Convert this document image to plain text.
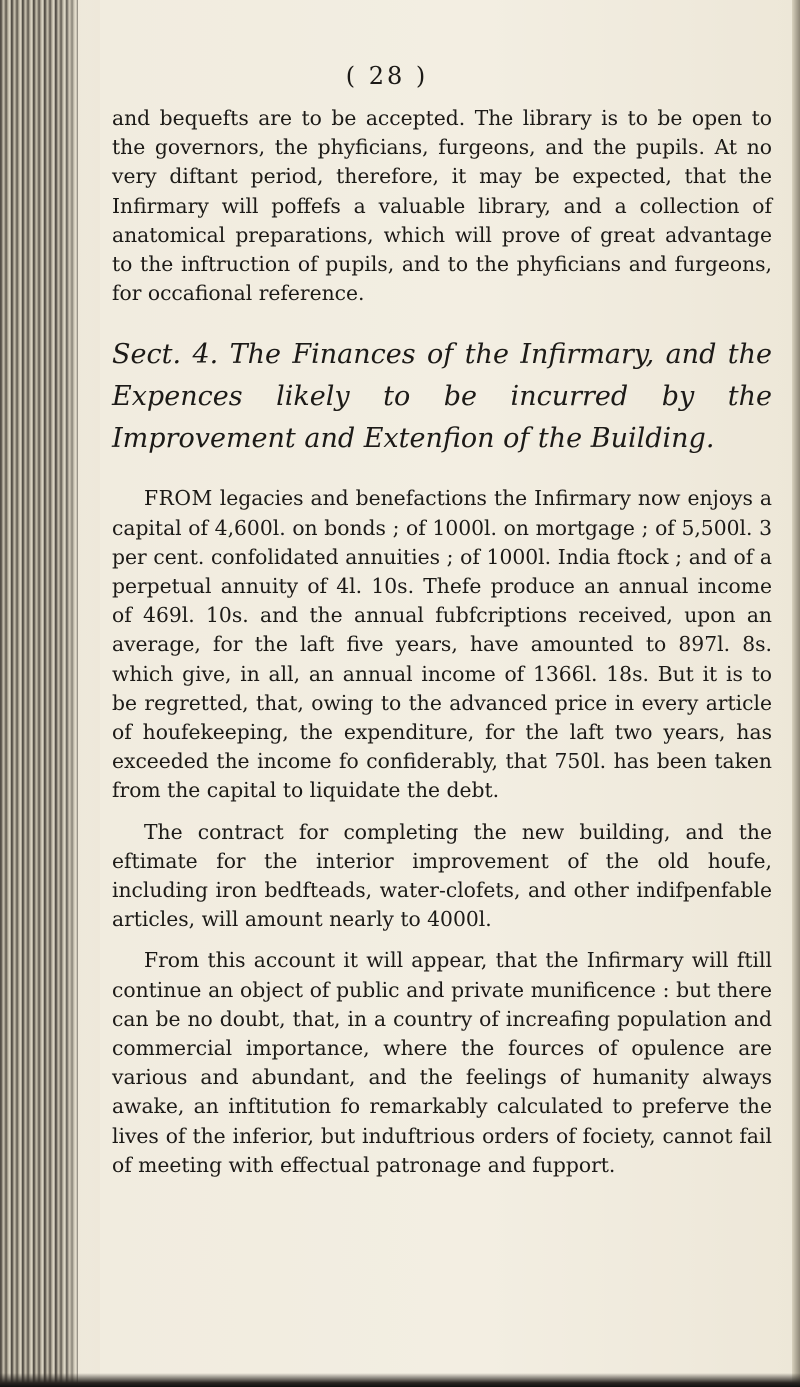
( 28 )

and bequefts are to be accepted. The library is to be open to the governors, the phyficians, furgeons, and the pupils. At no very diftant period, therefore, it may be expected, that the Infirmary will poffefs a valuable library, and a collection of anatomical preparations, which will prove of great advantage to the inftruction of pupils, and to the phyficians and furgeons, for occafional reference.

Sect. 4. The Finances of the Infirmary, and the Expences likely to be incurred by the Improvement and Extenfion of the Building.

FROM legacies and benefactions the Infirmary now enjoys a capital of 4,600l. on bonds ; of 1000l. on mortgage ; of 5,500l. 3 per cent. confolidated annuities ; of 1000l. India ftock ; and of a perpetual annuity of 4l. 10s. Thefe produce an annual income of 469l. 10s. and the annual fubfcriptions received, upon an average, for the laft five years, have amounted to 897l. 8s. which give, in all, an annual income of 1366l. 18s. But it is to be regretted, that, owing to the advanced price in every article of houfekeeping, the expenditure, for the laft two years, has exceeded the income fo confiderably, that 750l. has been taken from the capital to liquidate the debt.

The contract for completing the new building, and the eftimate for the interior improvement of the old houfe, including iron bedfteads, water-clofets, and other indifpenfable articles, will amount nearly to 4000l.

From this account it will appear, that the Infirmary will ftill continue an object of public and private munificence : but there can be no doubt, that, in a country of increafing population and commercial importance, where the fources of opulence are various and abundant, and the feelings of humanity always awake, an inftitution fo remarkably calculated to preferve the lives of the inferior, but induftrious orders of fociety, cannot fail of meeting with effectual patronage and fupport.
